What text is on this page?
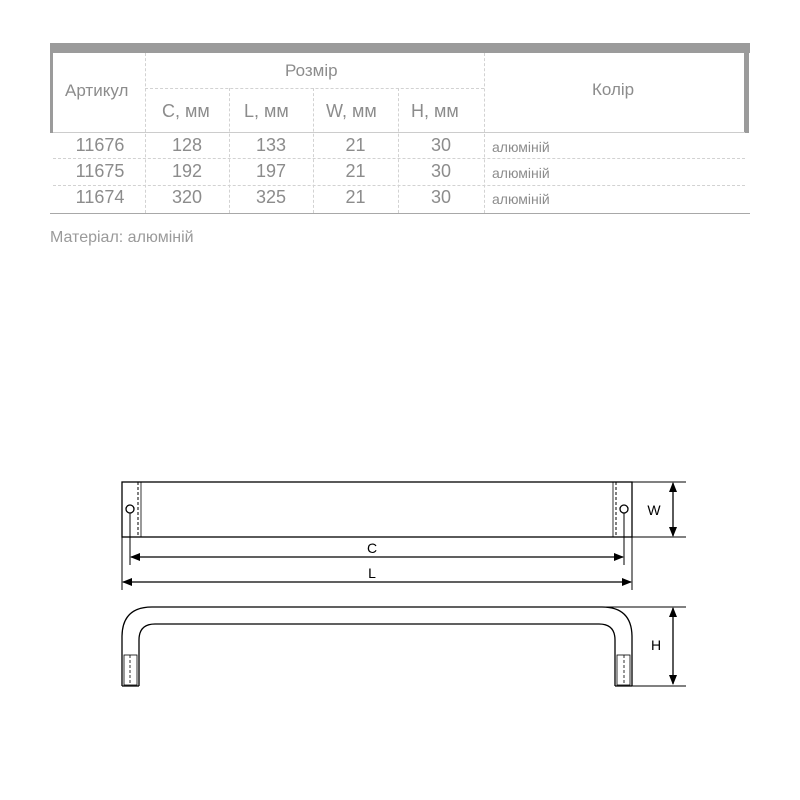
Артикул
Розмір
Колір
C, мм L, мм W, мм H, мм
11676	128	133	21	30	алюміній
11675	192	197	21	30	алюміній
11674	320	325	21	30	алюміній
Матеріал: алюміній
C
L
W
H
